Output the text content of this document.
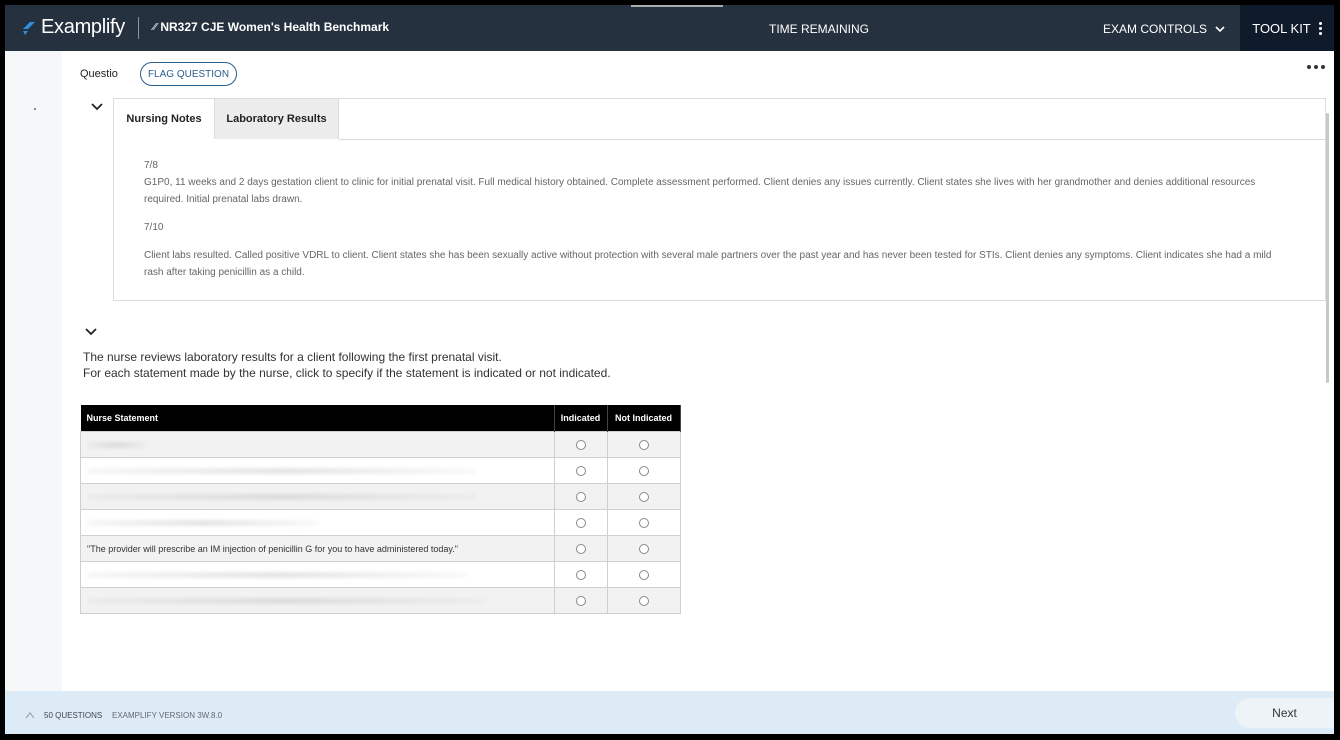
Examplify	⁄⁄ NR327 CJE Women's Health Benchmark	TIME REMAINING	EXAM CONTROLS	TOOL KIT
Questio	FLAG QUESTION
Nursing Notes	Laboratory Results
7/8
G1P0, 11 weeks and 2 days gestation client to clinic for initial prenatal visit. Full medical history obtained. Complete assessment performed. Client denies any issues currently. Client states she lives with her grandmother and denies additional resources required. Initial prenatal labs drawn.
7/10
Client labs resulted. Called positive VDRL to client. Client states she has been sexually active without protection with several male partners over the past year and has never been tested for STIs. Client denies any symptoms. Client indicates she had a mild rash after taking penicillin as a child.
The nurse reviews laboratory results for a client following the first prenatal visit.
For each statement made by the nurse, click to specify if the statement is indicated or not indicated.
Nurse Statement	Indicated	Not Indicated

"The provider will prescribe an IM injection of penicillin G for you to have administered today."		

50 QUESTIONS EXAMPLIFY VERSION 3W.8.0	Next
